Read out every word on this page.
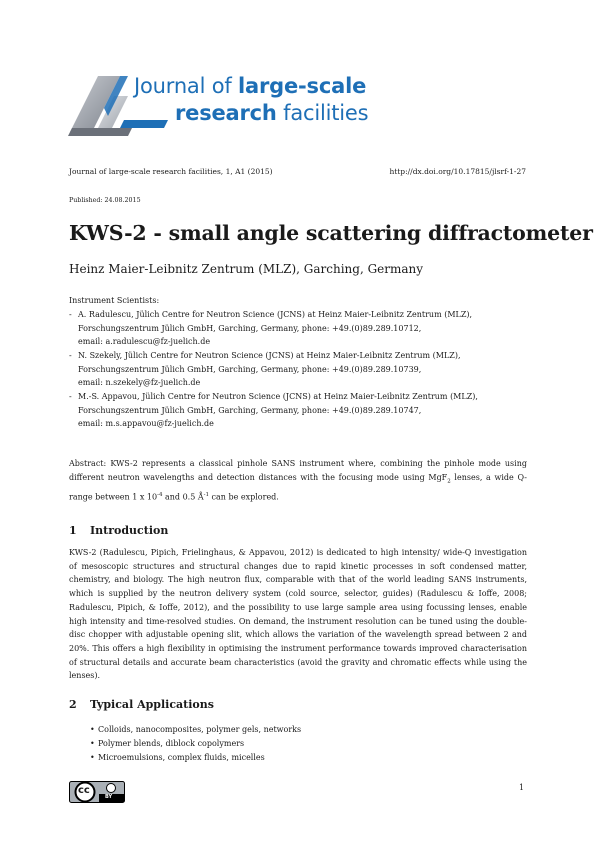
Journal of large-scale
research facilities
Journal of large-scale research facilities, 1, A1 (2015)	http://dx.doi.org/10.17815/jlsrf-1-27
Published: 24.08.2015
KWS-2 - small angle scattering diffractometer
Heinz Maier-Leibnitz Zentrum (MLZ), Garching, Germany
Instrument Scientists:
- A. Radulescu, Jülich Centre for Neutron Science (JCNS) at Heinz Maier-Leibnitz Zentrum (MLZ),
Forschungszentrum Jülich GmbH, Garching, Germany, phone: +49.(0)89.289.10712,
email: a.radulescu@fz-juelich.de
- N. Szekely, Jülich Centre for Neutron Science (JCNS) at Heinz Maier-Leibnitz Zentrum (MLZ),
Forschungszentrum Jülich GmbH, Garching, Germany, phone: +49.(0)89.289.10739,
email: n.szekely@fz-juelich.de
- M.-S. Appavou, Jülich Centre for Neutron Science (JCNS) at Heinz Maier-Leibnitz Zentrum (MLZ),
Forschungszentrum Jülich GmbH, Garching, Germany, phone: +49.(0)89.289.10747,
email: m.s.appavou@fz-juelich.de
Abstract: KWS-2 represents a classical pinhole SANS instrument where, combining the pinhole mode using different neutron wavelengths and detection distances with the focusing mode using MgF$_2$ lenses, a wide Q-range between 1 x $10^{-4}$ and 0.5 $Å^{-1}$ can be explored.
1 Introduction
KWS-2 (Radulescu, Pipich, Frielinghaus, & Appavou, 2012) is dedicated to high intensity/ wide-Q investigation of mesoscopic structures and structural changes due to rapid kinetic processes in soft condensed matter, chemistry, and biology. The high neutron flux, comparable with that of the world leading SANS instruments, which is supplied by the neutron delivery system (cold source, selector, guides) (Radulescu & Ioffe, 2008; Radulescu, Pipich, & Ioffe, 2012), and the possibility to use large sample area using focussing lenses, enable high intensity and time-resolved studies. On demand, the instrument resolution can be tuned using the double-disc chopper with adjustable opening slit, which allows the variation of the wavelength spread between 2 and 20%. This offers a high flexibility in optimising the instrument performance towards improved characterisation of structural details and accurate beam characteristics (avoid the gravity and chromatic effects while using the lenses).
2 Typical Applications
• Colloids, nanocomposites, polymer gels, networks
• Polymer blends, diblock copolymers
• Microemulsions, complex fluids, micelles
cc
BY
1
